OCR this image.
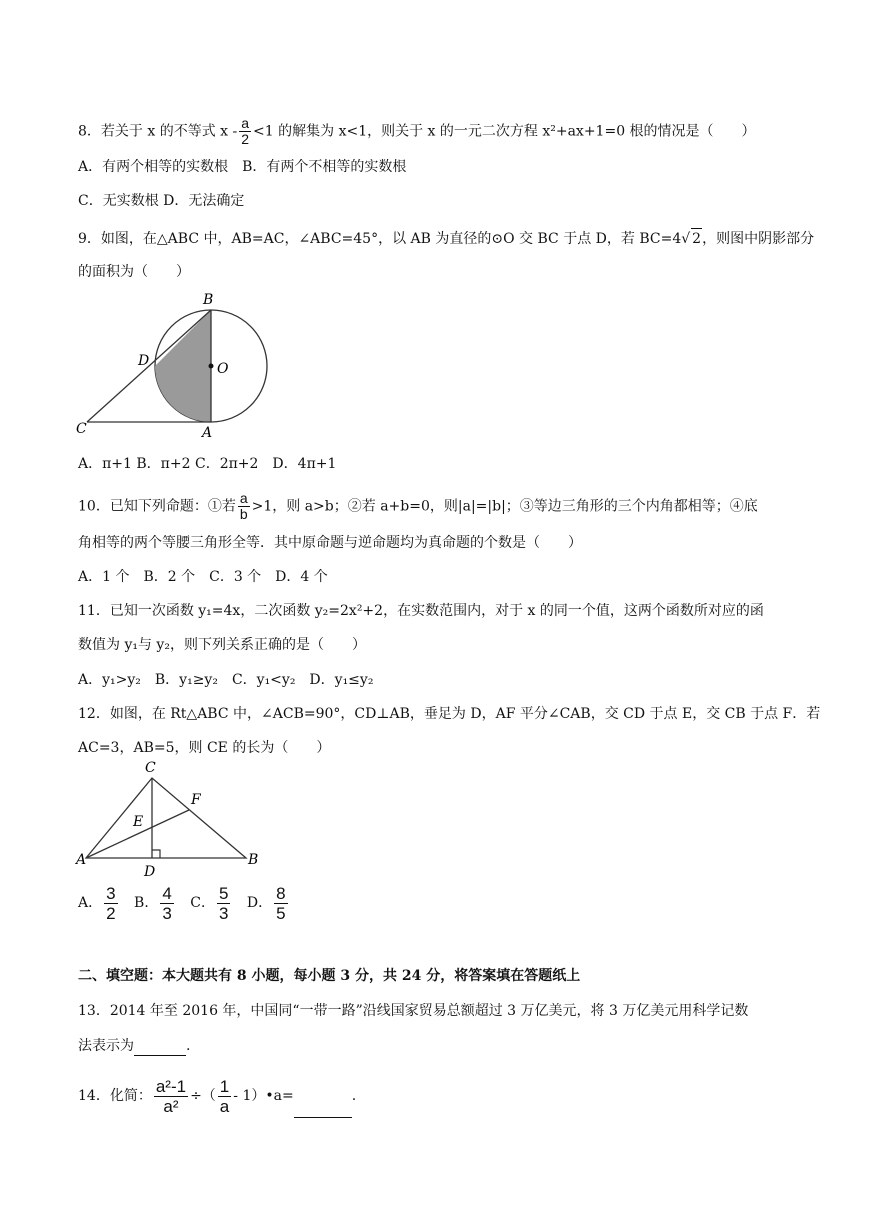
8．若关于 x 的不等式 $x - \frac{a}{2} <1$ 的解集为 x<1，则关于 x 的一元二次方程 x²+ax+1=0 根的情况是（　　）
A．有两个相等的实数根　B．有两个不相等的实数根
C．无实数根 D．无法确定
9．如图，在△ABC 中，AB=AC，∠ABC=45°，以 AB 为直径的⊙O 交 BC 于点 D，若 BC=4√ 2，则图中阴影部分
的面积为（　　）
B
D	O
C	A
A．π+1 B．π+2 C．2π+2　D．4π+1
10．已知下列命题：①若 $\frac{a}{b} >1$，则 a>b；②若 a+b=0，则|a|=|b|；③等边三角形的三个内角都相等；④底
角相等的两个等腰三角形全等．其中原命题与逆命题均为真命题的个数是（　　）
A．1 个　B．2 个　C．3 个　D．4 个
11．已知一次函数 y₁=4x，二次函数 y₂=2x²+2，在实数范围内，对于 x 的同一个值，这两个函数所对应的函
数值为 y₁与 y₂，则下列关系正确的是（　　）
A．y₁>y₂　B．y₁≥y₂　C．y₁<y₂　D．y₁≤y₂
12．如图，在 Rt△ABC 中，∠ACB=90°，CD⊥AB，垂足为 D，AF 平分∠CAB，交 CD 于点 E，交 CB 于点 F．若
AC=3，AB=5，则 CE 的长为（　　）
C
F
E
A
D
B
A． $\frac{3}{2}$ B． $\frac{4}{3}$ C． $\frac{5}{3}$ D． $\frac{8}{5}$
二、填空题：本大题共有 8 小题，每小题 3 分，共 24 分，将答案填在答题纸上
13．2014 年至 2016 年，中国同“一带一路”沿线国家贸易总额超过 3 万亿美元，将 3 万亿美元用科学记数
法表示为	.
14．化简： $\frac{\text{a²-1}}{\text{a²}}$ ÷（ $\frac{1}{a}$ - 1）•a=	.
